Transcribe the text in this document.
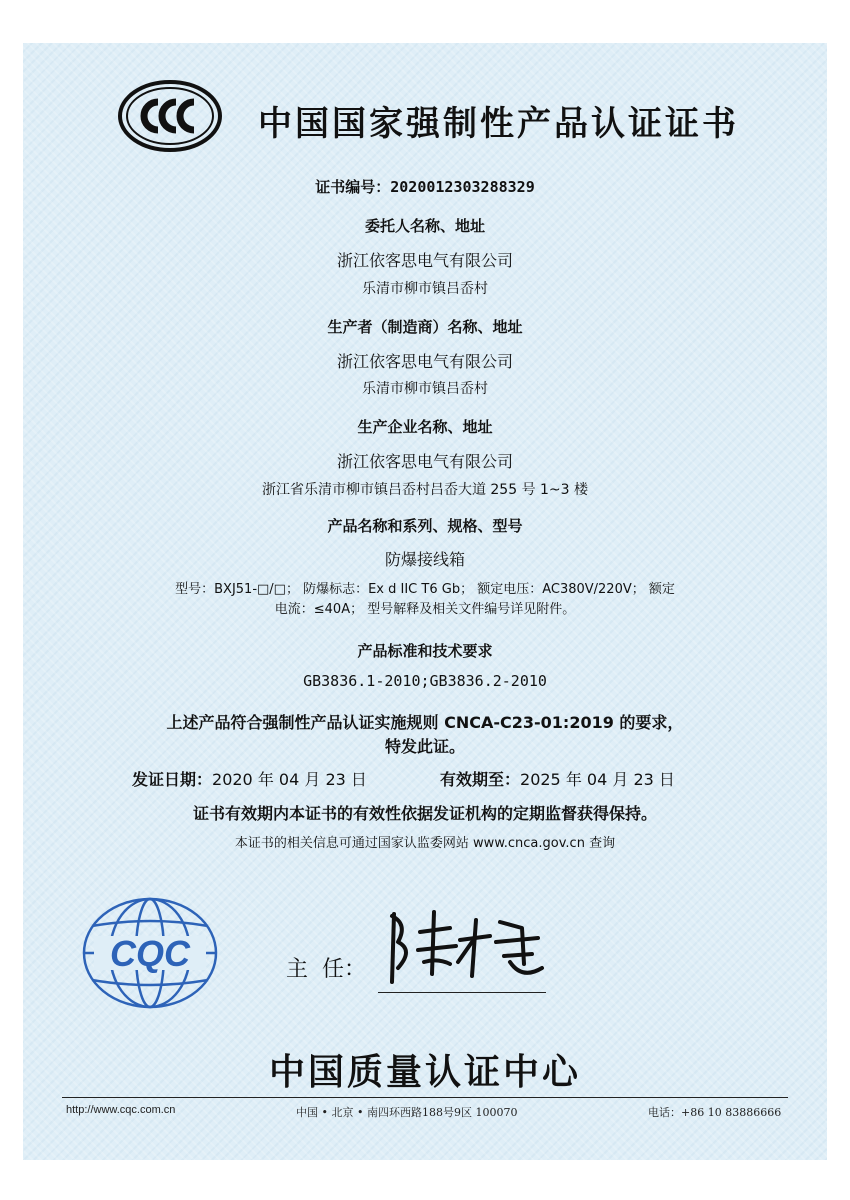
中国国家强制性产品认证证书
证书编号：2020012303288329
委托人名称、地址
浙江依客思电气有限公司
乐清市柳市镇吕岙村
生产者（制造商）名称、地址
浙江依客思电气有限公司
乐清市柳市镇吕岙村
生产企业名称、地址
浙江依客思电气有限公司
浙江省乐清市柳市镇吕岙村吕岙大道 255 号 1~3 楼
产品名称和系列、规格、型号
防爆接线箱
型号：BXJ51-□/□； 防爆标志：Ex d IIC T6 Gb； 额定电压：AC380V/220V； 额定
电流：≤40A； 型号解释及相关文件编号详见附件。
产品标准和技术要求
GB3836.1-2010;GB3836.2-2010
上述产品符合强制性产品认证实施规则 CNCA-C23-01:2019 的要求，
特发此证。
发证日期：2020 年 04 月 23 日	有效期至：2025 年 04 月 23 日
证书有效期内本证书的有效性依据发证机构的定期监督获得保持。
本证书的相关信息可通过国家认监委网站 www.cnca.gov.cn 查询
CQC	主  任：
中国质量认证中心
http://www.cqc.com.cn	中国 • 北京 • 南四环西路188号9区 100070	电话：+86 10 83886666
